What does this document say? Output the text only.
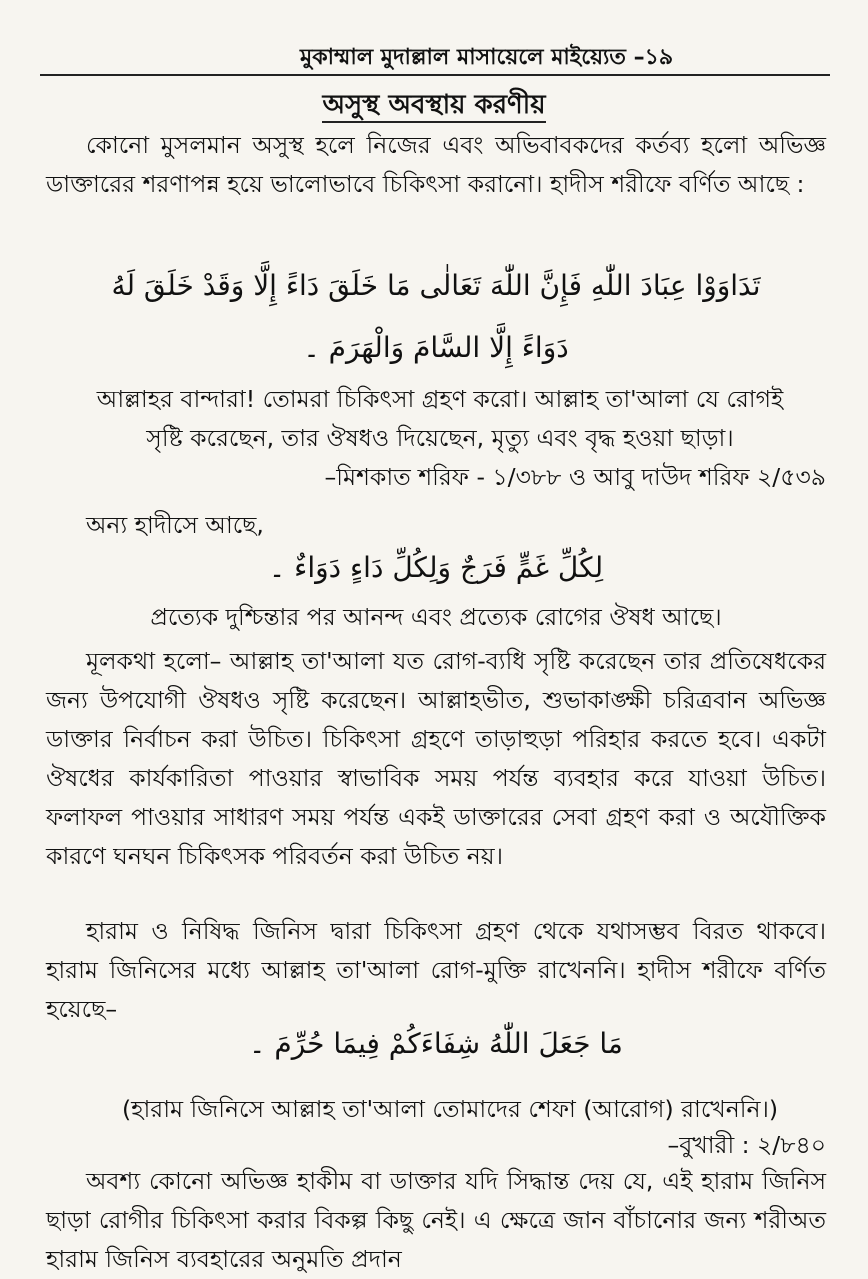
মুকাম্মাল মুদাল্লাল মাসায়েলে মাইয়্যেত –১৯
অসুস্থ অবস্থায় করণীয়

কোনো মুসলমান অসুস্থ হলে নিজের এবং অভিবাবকদের কর্তব্য হলো অভিজ্ঞ ডাক্তারের শরণাপন্ন হয়ে ভালোভাবে চিকিৎসা করানো। হাদীস শরীফে বর্ণিত আছে :

تَدَاوَوْا عِبَادَ اللّٰهِ فَإِنَّ اللّٰهَ تَعَالٰى مَا خَلَقَ دَاءً إِلَّا وَقَدْ خَلَقَ لَهُ

دَوَاءً إِلَّا السَّامَ وَالْهَرَمَ ۔

আল্লাহর বান্দারা! তোমরা চিকিৎসা গ্রহণ করো। আল্লাহ তা'আলা যে রোগই সৃষ্টি করেছেন, তার ঔষধও দিয়েছেন, মৃত্যু এবং বৃদ্ধ হওয়া ছাড়া।

–মিশকাত শরিফ - ১/৩৮৮ ও আবু দাউদ শরিফ ২/৫৩৯

অন্য হাদীসে আছে,

لِكُلِّ غَمٍّ فَرَجٌ وَلِكُلِّ دَاءٍ دَوَاءٌ ۔

প্রত্যেক দুশ্চিন্তার পর আনন্দ এবং প্রত্যেক রোগের ঔষধ আছে।

মূলকথা হলো– আল্লাহ তা'আলা যত রোগ-ব্যধি সৃষ্টি করেছেন তার প্রতিষেধকের জন্য উপযোগী ঔষধও সৃষ্টি করেছেন। আল্লাহভীত, শুভাকাঙ্ক্ষী চরিত্রবান অভিজ্ঞ ডাক্তার নির্বাচন করা উচিত। চিকিৎসা গ্রহণে তাড়াহুড়া পরিহার করতে হবে। একটা ঔষধের কার্যকারিতা পাওয়ার স্বাভাবিক সময় পর্যন্ত ব্যবহার করে যাওয়া উচিত। ফলাফল পাওয়ার সাধারণ সময় পর্যন্ত একই ডাক্তারের সেবা গ্রহণ করা ও অযৌক্তিক কারণে ঘনঘন চিকিৎসক পরিবর্তন করা উচিত নয়।

হারাম ও নিষিদ্ধ জিনিস দ্বারা চিকিৎসা গ্রহণ থেকে যথাসম্ভব বিরত থাকবে। হারাম জিনিসের মধ্যে আল্লাহ তা'আলা রোগ-মুক্তি রাখেননি। হাদীস শরীফে বর্ণিত হয়েছে–

مَا جَعَلَ اللّٰهُ شِفَاءَكُمْ فِيمَا حُرِّمَ ۔

(হারাম জিনিসে আল্লাহ তা'আলা তোমাদের শেফা (আরোগ) রাখেননি।)

–বুখারী : ২/৮৪০

অবশ্য কোনো অভিজ্ঞ হাকীম বা ডাক্তার যদি সিদ্ধান্ত দেয় যে, এই হারাম জিনিস ছাড়া রোগীর চিকিৎসা করার বিকল্প কিছু নেই। এ ক্ষেত্রে জান বাঁচানোর জন্য শরীঅত হারাম জিনিস ব্যবহারের অনুমতি প্রদান
